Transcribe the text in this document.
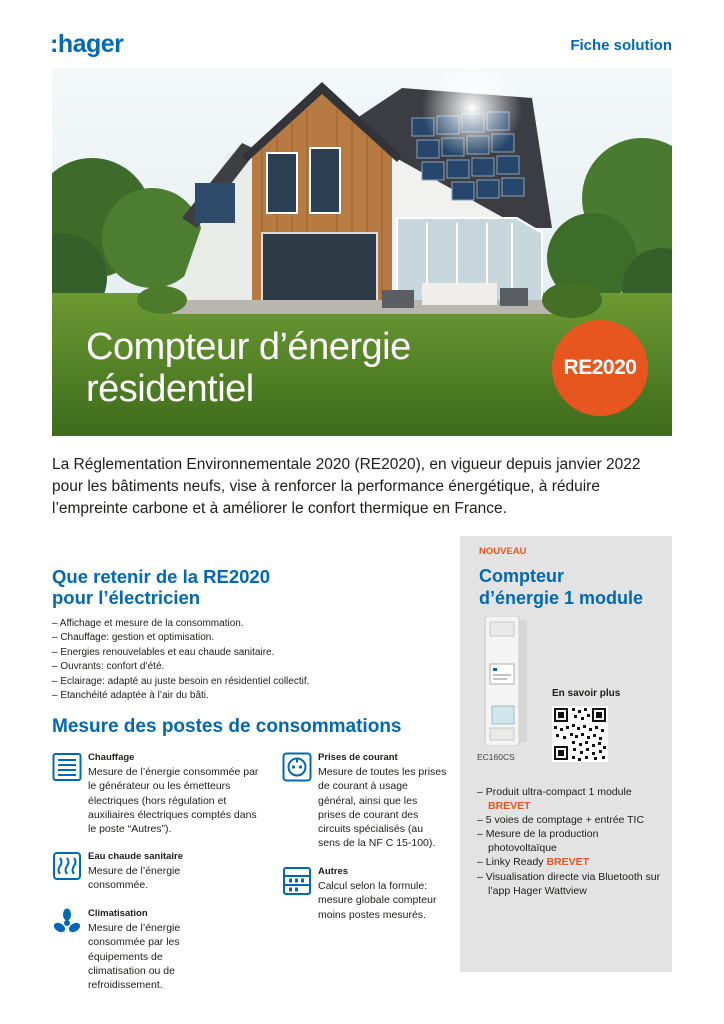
:hager	Fiche solution
Compteur d’énergie
résidentiel
RE2020

La Réglementation Environnementale 2020 (RE2020), en vigueur depuis janvier 2022 pour les bâtiments neufs, vise à renforcer la performance énergétique, à réduire l’empreinte carbone et à améliorer le confort thermique en France.

Que retenir de la RE2020
pour l’électricien
– Affichage et mesure de la consommation.
– Chauffage: gestion et optimisation.
– Energies renouvelables et eau chaude sanitaire.
– Ouvrants: confort d’été.
– Eclairage: adapté au juste besoin en résidentiel collectif.
– Etanchéité adaptée à l’air du bâti.
Mesure des postes de consommations
Chauffage
Mesure de l’énergie consommée par le générateur ou les émetteurs électriques (hors régulation et auxiliaires électriques comptés dans le poste “Autres”).
Eau chaude sanitaire
Mesure de l’énergie consommée.
Climatisation
Mesure de l’énergie consommée par les équipements de climatisation ou de refroidissement.
Prises de courant
Mesure de toutes les prises de courant à usage général, ainsi que les prises de courant des circuits spécialisés (au sens de la NF C 15-100).
Autres
Calcul selon la formule: mesure globale compteur moins postes mesurés.
NOUVEAU
Compteur
d’énergie 1 module
EC160CS
En savoir plus
– Produit ultra-compact 1 module BREVET
– 5 voies de comptage + entrée TIC
– Mesure de la production photovoltaïque
– Linky Ready BREVET
– Visualisation directe via Bluetooth sur l’app Hager Wattview
